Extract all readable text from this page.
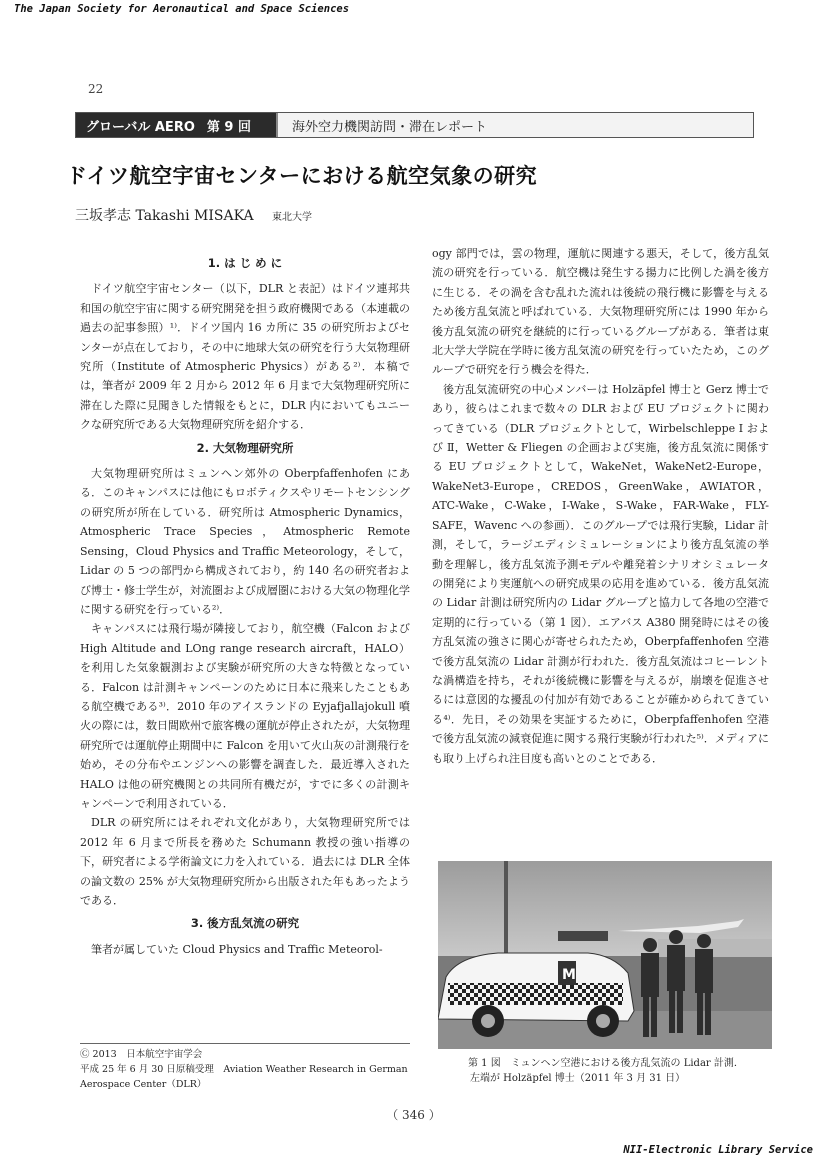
The Japan Society for Aeronautical and Space Sciences
22
グローバル AERO 第 9 回	海外空力機関訪問・滞在レポート
ドイツ航空宇宙センターにおける航空気象の研究
三坂孝志 Takashi MISAKA 東北大学
1. は じ め に

ドイツ航空宇宙センター（以下，DLR と表記）はドイツ連邦共和国の航空宇宙に関する研究開発を担う政府機関である（本連載の過去の記事参照）¹⁾．ドイツ国内 16 カ所に 35 の研究所およびセンターが点在しており，その中に地球大気の研究を行う大気物理研究所（Institute of Atmospheric Physics）がある²⁾．本稿では，筆者が 2009 年 2 月から 2012 年 6 月まで大気物理研究所に滞在した際に見聞きした情報をもとに，DLR 内においてもユニークな研究所である大気物理研究所を紹介する．

2. 大気物理研究所

大気物理研究所はミュンヘン郊外の Oberpfaffenhofen にある．このキャンパスには他にもロボティクスやリモートセンシングの研究所が所在している．研究所は Atmospheric Dynamics，Atmospheric Trace Species，Atmospheric Remote Sensing，Cloud Physics and Traffic Meteorology，そして，Lidar の 5 つの部門から構成されており，約 140 名の研究者および博士・修士学生が，対流圏および成層圏における大気の物理化学に関する研究を行っている²⁾．

キャンパスには飛行場が隣接しており，航空機（Falcon および High Altitude and LOng range research aircraft，HALO）を利用した気象観測および実験が研究所の大きな特徴となっている．Falcon は計測キャンペーンのために日本に飛来したこともある航空機である³⁾．2010 年のアイスランドの Eyjafjallajokull 噴火の際には，数日間欧州で旅客機の運航が停止されたが，大気物理研究所では運航停止期間中に Falcon を用いて火山灰の計測飛行を始め，その分布やエンジンへの影響を調査した．最近導入された HALO は他の研究機関との共同所有機だが，すでに多くの計測キャンペーンで利用されている．

DLR の研究所にはそれぞれ文化があり，大気物理研究所では 2012 年 6 月まで所長を務めた Schumann 教授の強い指導の下，研究者による学術論文に力を入れている．過去には DLR 全体の論文数の 25% が大気物理研究所から出版された年もあったようである．

3. 後方乱気流の研究

筆者が属していた Cloud Physics and Traffic Meteorol-

Ⓒ 2013　日本航空宇宙学会
平成 25 年 6 月 30 日原稿受理　Aviation Weather Research in German Aerospace Center（DLR）

ogy 部門では，雲の物理，運航に関連する悪天，そして，後方乱気流の研究を行っている．航空機は発生する揚力に比例した渦を後方に生じる．その渦を含む乱れた流れは後続の飛行機に影響を与えるため後方乱気流と呼ばれている．大気物理研究所には 1990 年から後方乱気流の研究を継続的に行っているグループがある．筆者は東北大学大学院在学時に後方乱気流の研究を行っていたため，このグループで研究を行う機会を得た．

後方乱気流研究の中心メンバーは Holzäpfel 博士と Gerz 博士であり，彼らはこれまで数々の DLR および EU プロジェクトに関わってきている（DLR プロジェクトとして，Wirbelschleppe Ⅰ および Ⅱ，Wetter & Fliegen の企画および実施，後方乱気流に関係する EU プロジェクトとして，WakeNet，WakeNet2-Europe，WakeNet3-Europe，CREDOS，GreenWake，AWIATOR，ATC-Wake，C-Wake，I-Wake，S-Wake，FAR-Wake，FLY-SAFE，Wavenc への参画）．このグループでは飛行実験，Lidar 計測，そして，ラージエディシミュレーションにより後方乱気流の挙動を理解し，後方乱気流予測モデルや離発着シナリオシミュレータの開発により実運航への研究成果の応用を進めている．後方乱気流の Lidar 計測は研究所内の Lidar グループと協力して各地の空港で定期的に行っている（第 1 図）．エアバス A380 開発時にはその後方乱気流の強さに関心が寄せられたため，Oberpfaffenhofen 空港で後方乱気流の Lidar 計測が行われた．後方乱気流はコヒーレントな渦構造を持ち，それが後続機に影響を与えるが，崩壊を促進させるには意図的な擾乱の付加が有効であることが確かめられてきている⁴⁾．先日，その効果を実証するために，Oberpfaffenhofen 空港で後方乱気流の減衰促進に関する飛行実験が行われた⁵⁾．メディアにも取り上げられ注目度も高いとのことである．

M
第 1 図　ミュンヘン空港における後方乱気流の Lidar 計測．
左端が Holzäpfel 博士（2011 年 3 月 31 日）
（ 346 ）
NII-Electronic Library Service
